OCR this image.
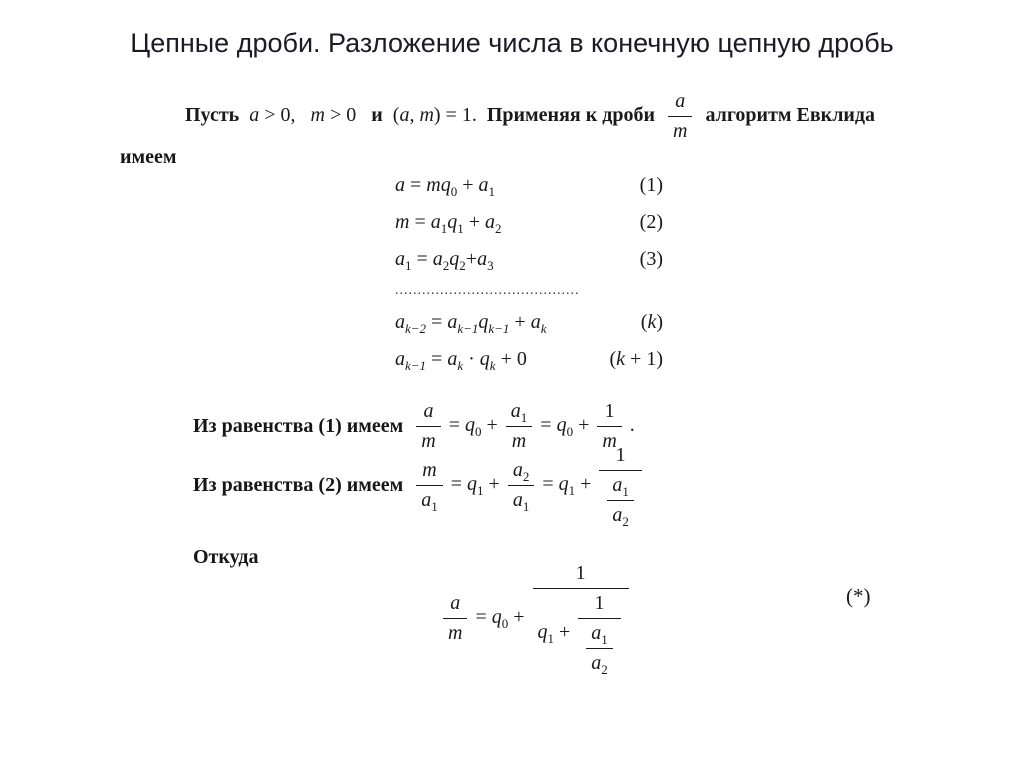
Цепные дроби. Разложение числа в конечную цепную дробь
Пусть  a > 0,   m > 0   и  (a, m) = 1.  Применяя к дроби $\frac{a}{m}$ алгоритм Евклида
имеем
$a = mq_0 + a_1$	(1)
$m = a_1q_1 + a_2$	(2)
$a_1 = a_2q_2+a_3$	(3)
.........................................
$a_{k-2} = a_{k-1}q_{k-1} + a_k$	(k)
$a_{k-1} = a_k \cdot q_k + 0$	(k + 1)
Из равенства (1) имеем $\frac{a}{m} = q_0 + \frac{a_1}{m} = q_0 + \frac{1}{m}$ .
Из равенства (2) имеем $\frac{m}{a_1} = q_1 + \frac{a_2}{a_1} = q_1 + \frac{1}{\frac{a_1}{a_2}}$
Откуда
$\frac{a}{m} = q_0 + \frac{1}{q_1 + \frac{1}{\frac{a_1}{a_2}}}$	(*)
